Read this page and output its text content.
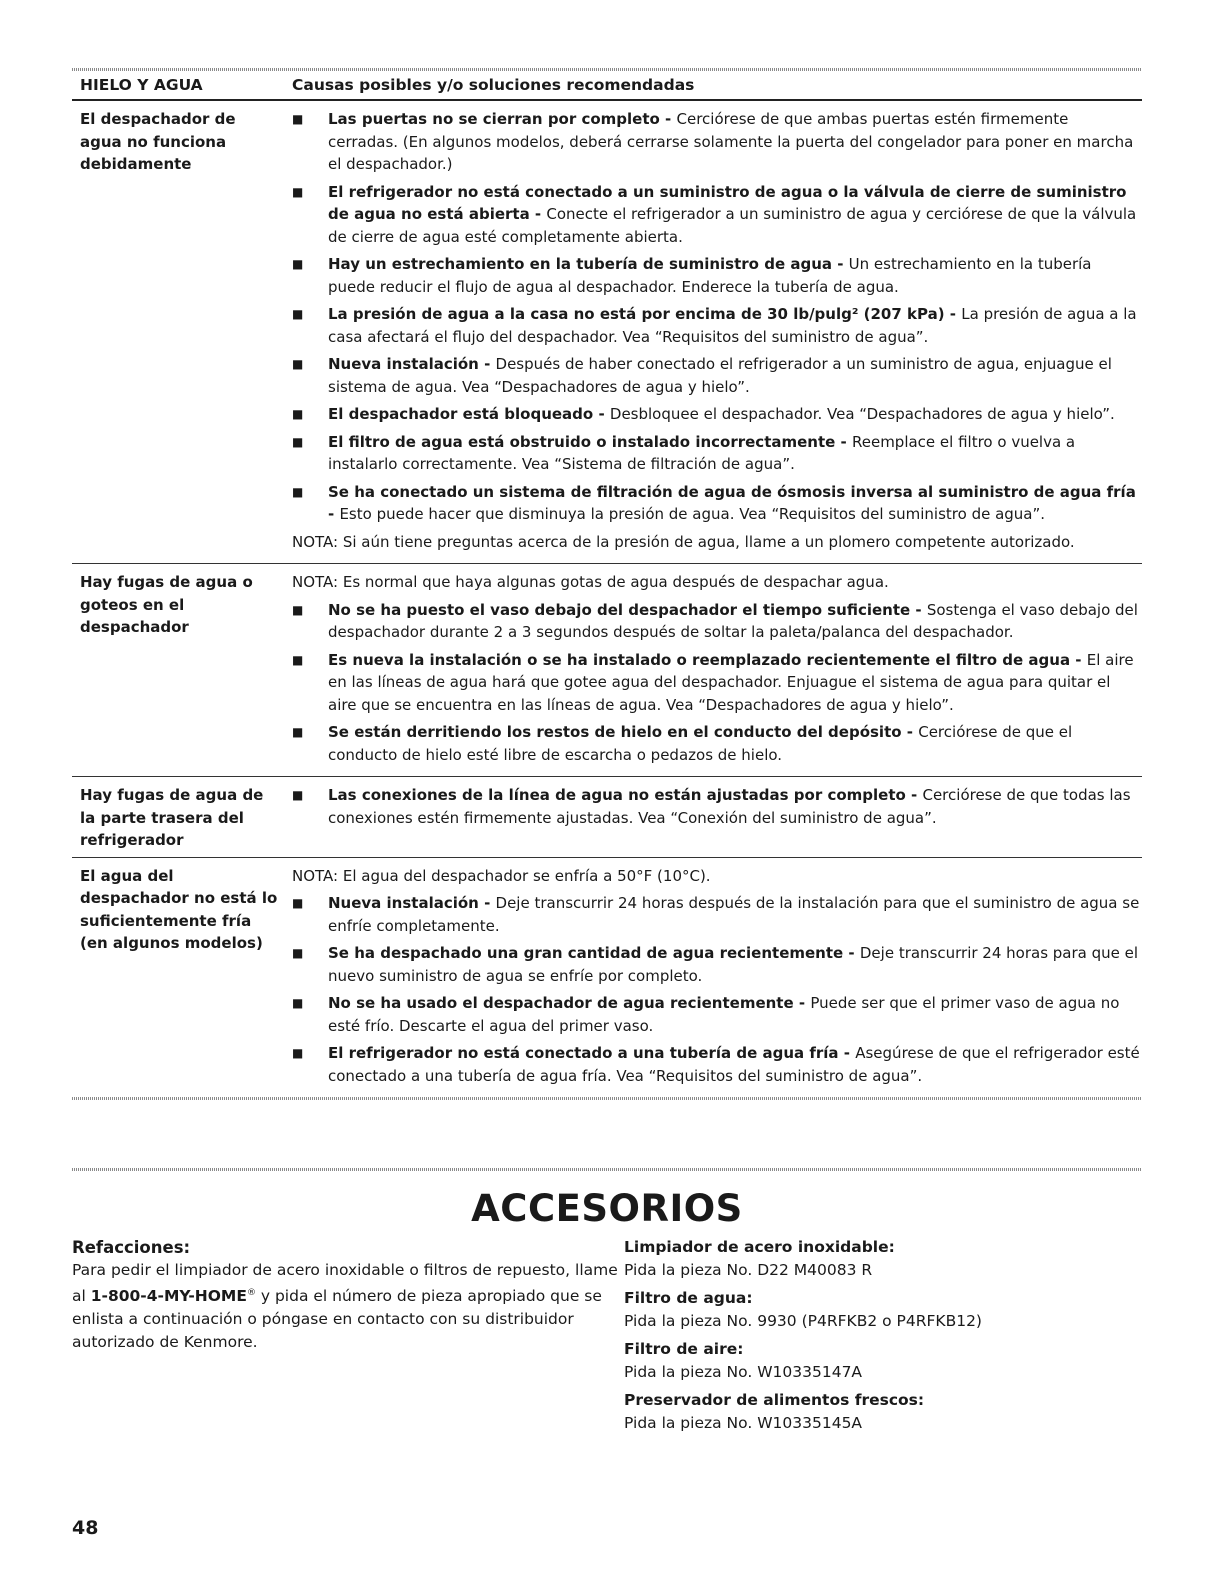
HIELO Y AGUA	Causas posibles y/o soluciones recomendadas
El despachador de agua no funciona debidamente
■	Las puertas no se cierran por completo - Cerciórese de que ambas puertas estén firmemente cerradas. (En algunos modelos, deberá cerrarse solamente la puerta del congelador para poner en marcha el despachador.)
■	El refrigerador no está conectado a un suministro de agua o la válvula de cierre de suministro de agua no está abierta - Conecte el refrigerador a un suministro de agua y cerciórese de que la válvula de cierre de agua esté completamente abierta.
■	Hay un estrechamiento en la tubería de suministro de agua - Un estrechamiento en la tubería puede reducir el flujo de agua al despachador. Enderece la tubería de agua.
■	La presión de agua a la casa no está por encima de 30 lb/pulg² (207 kPa) - La presión de agua a la casa afectará el flujo del despachador. Vea “Requisitos del suministro de agua”.
■	Nueva instalación - Después de haber conectado el refrigerador a un suministro de agua, enjuague el sistema de agua. Vea “Despachadores de agua y hielo”.
■	El despachador está bloqueado - Desbloquee el despachador. Vea “Despachadores de agua y hielo”.
■	El filtro de agua está obstruido o instalado incorrectamente - Reemplace el filtro o vuelva a instalarlo correctamente. Vea “Sistema de filtración de agua”.
■	Se ha conectado un sistema de filtración de agua de ósmosis inversa al suministro de agua fría - Esto puede hacer que disminuya la presión de agua. Vea “Requisitos del suministro de agua”.
NOTA: Si aún tiene preguntas acerca de la presión de agua, llame a un plomero competente autorizado.
Hay fugas de agua o goteos en el despachador
NOTA: Es normal que haya algunas gotas de agua después de despachar agua.
■	No se ha puesto el vaso debajo del despachador el tiempo suficiente - Sostenga el vaso debajo del despachador durante 2 a 3 segundos después de soltar la paleta/palanca del despachador.
■	Es nueva la instalación o se ha instalado o reemplazado recientemente el filtro de agua - El aire en las líneas de agua hará que gotee agua del despachador. Enjuague el sistema de agua para quitar el aire que se encuentra en las líneas de agua. Vea “Despachadores de agua y hielo”.
■	Se están derritiendo los restos de hielo en el conducto del depósito - Cerciórese de que el conducto de hielo esté libre de escarcha o pedazos de hielo.
Hay fugas de agua de la parte trasera del refrigerador
■	Las conexiones de la línea de agua no están ajustadas por completo - Cerciórese de que todas las conexiones estén firmemente ajustadas. Vea “Conexión del suministro de agua”.
El agua del despachador no está lo suficientemente fría (en algunos modelos)
NOTA: El agua del despachador se enfría a 50°F (10°C).
■	Nueva instalación - Deje transcurrir 24 horas después de la instalación para que el suministro de agua se enfríe completamente.
■	Se ha despachado una gran cantidad de agua recientemente - Deje transcurrir 24 horas para que el nuevo suministro de agua se enfríe por completo.
■	No se ha usado el despachador de agua recientemente - Puede ser que el primer vaso de agua no esté frío. Descarte el agua del primer vaso.
■	El refrigerador no está conectado a una tubería de agua fría - Asegúrese de que el refrigerador esté conectado a una tubería de agua fría. Vea “Requisitos del suministro de agua”.
ACCESORIOS
Refacciones:
Para pedir el limpiador de acero inoxidable o filtros de repuesto, llame al 1-800-4-MY-HOME® y pida el número de pieza apropiado que se enlista a continuación o póngase en contacto con su distribuidor autorizado de Kenmore.
Limpiador de acero inoxidable:
Pida la pieza No. D22 M40083 R
Filtro de agua:
Pida la pieza No. 9930 (P4RFKB2 o P4RFKB12)
Filtro de aire:
Pida la pieza No. W10335147A
Preservador de alimentos frescos:
Pida la pieza No. W10335145A
48
